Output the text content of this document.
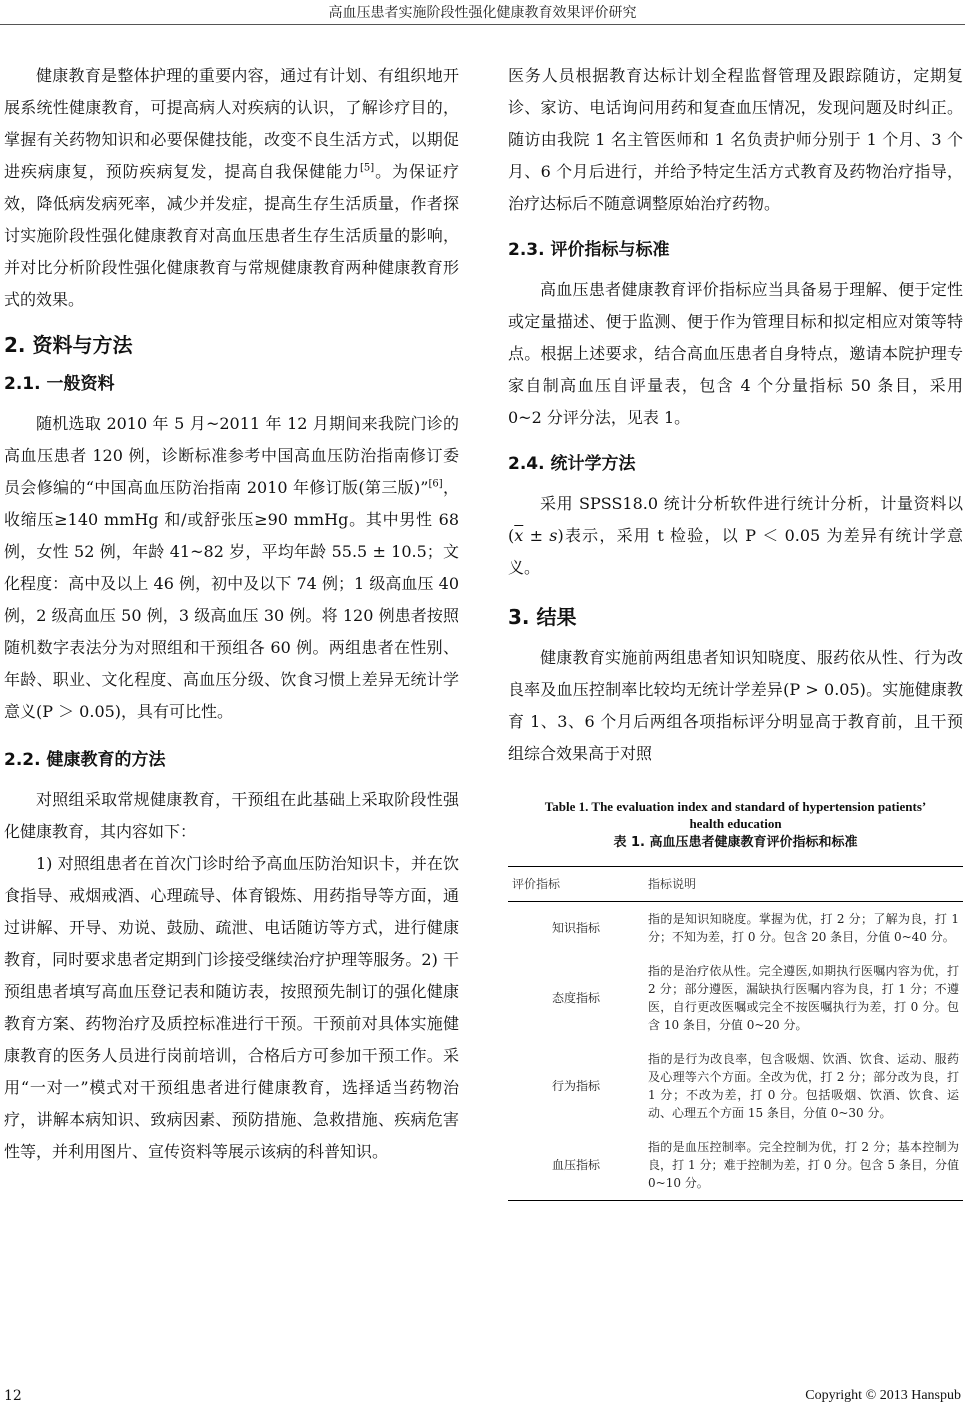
高血压患者实施阶段性强化健康教育效果评价研究

健康教育是整体护理的重要内容，通过有计划、有组织地开展系统性健康教育，可提高病人对疾病的认识，了解诊疗目的，掌握有关药物知识和必要保健技能，改变不良生活方式，以期促进疾病康复，预防疾病复发，提高自我保健能力[5]。为保证疗效，降低病发病死率，减少并发症，提高生存生活质量，作者探讨实施阶段性强化健康教育对高血压患者生存生活质量的影响，并对比分析阶段性强化健康教育与常规健康教育两种健康教育形式的效果。

2. 资料与方法
2.1. 一般资料

随机选取 2010 年 5 月~2011 年 12 月期间来我院门诊的高血压患者 120 例，诊断标准参考中国高血压防治指南修订委员会修编的“中国高血压防治指南 2010 年修订版(第三版)”[6]，收缩压≥140 mmHg 和/或舒张压≥90 mmHg。其中男性 68 例，女性 52 例，年龄 41~82 岁，平均年龄 55.5 ± 10.5；文化程度：高中及以上 46 例，初中及以下 74 例；1 级高血压 40 例，2 级高血压 50 例，3 级高血压 30 例。将 120 例患者按照随机数字表法分为对照组和干预组各 60 例。两组患者在性别、年龄、职业、文化程度、高血压分级、饮食习惯上差异无统计学意义(P ＞ 0.05)，具有可比性。

2.2. 健康教育的方法

对照组采取常规健康教育，干预组在此基础上采取阶段性强化健康教育，其内容如下：

1) 对照组患者在首次门诊时给予高血压防治知识卡，并在饮食指导、戒烟戒酒、心理疏导、体育锻炼、用药指导等方面，通过讲解、开导、劝说、鼓励、疏泄、电话随访等方式，进行健康教育，同时要求患者定期到门诊接受继续治疗护理等服务。2) 干预组患者填写高血压登记表和随访表，按照预先制订的强化健康教育方案、药物治疗及质控标准进行干预。干预前对具体实施健康教育的医务人员进行岗前培训，合格后方可参加干预工作。采用“一对一”模式对干预组患者进行健康教育，选择适当药物治疗，讲解本病知识、致病因素、预防措施、急救措施、疾病危害性等，并利用图片、宣传资料等展示该病的科普知识。

医务人员根据教育达标计划全程监督管理及跟踪随访，定期复诊、家访、电话询问用药和复查血压情况，发现问题及时纠正。随访由我院 1 名主管医师和 1 名负责护师分别于 1 个月、3 个月、6 个月后进行，并给予特定生活方式教育及药物治疗指导，治疗达标后不随意调整原始治疗药物。

2.3. 评价指标与标准

高血压患者健康教育评价指标应当具备易于理解、便于定性或定量描述、便于监测、便于作为管理目标和拟定相应对策等特点。根据上述要求，结合高血压患者自身特点，邀请本院护理专家自制高血压自评量表，包含 4 个分量指标 50 条目，采用 0~2 分评分法，见表 1。

2.4. 统计学方法

采用 SPSS18.0 统计分析软件进行统计分析，计量资料以$(\overline{x} \pm s)$表示，采用 t 检验，以 P ＜ 0.05 为差异有统计学意义。

3. 结果

健康教育实施前两组患者知识知晓度、服药依从性、行为改良率及血压控制率比较均无统计学差异(P > 0.05)。实施健康教育 1、3、6 个月后两组各项指标评分明显高于教育前，且干预组综合效果高于对照

Table 1. The evaluation index and standard of hypertension patients’ health education
表 1. 高血压患者健康教育评价指标和标准
评价指标	指标说明
知识指标	指的是知识知晓度。掌握为优，打 2 分；了解为良，打 1 分；不知为差，打 0 分。包含 20 条目，分值 0~40 分。
态度指标	指的是治疗依从性。完全遵医,如期执行医嘱内容为优，打 2 分；部分遵医，漏缺执行医嘱内容为良，打 1 分；不遵医，自行更改医嘱或完全不按医嘱执行为差，打 0 分。包含 10 条目，分值 0~20 分。
行为指标	指的是行为改良率，包含吸烟、饮酒、饮食、运动、服药及心理等六个方面。全改为优，打 2 分；部分改为良，打 1 分；不改为差，打 0 分。包括吸烟、饮酒、饮食、运动、心理五个方面 15 条目，分值 0~30 分。
血压指标	指的是血压控制率。完全控制为优，打 2 分；基本控制为良，打 1 分；难于控制为差，打 0 分。包含 5 条目，分值 0~10 分。
12	Copyright © 2013 Hanspub
